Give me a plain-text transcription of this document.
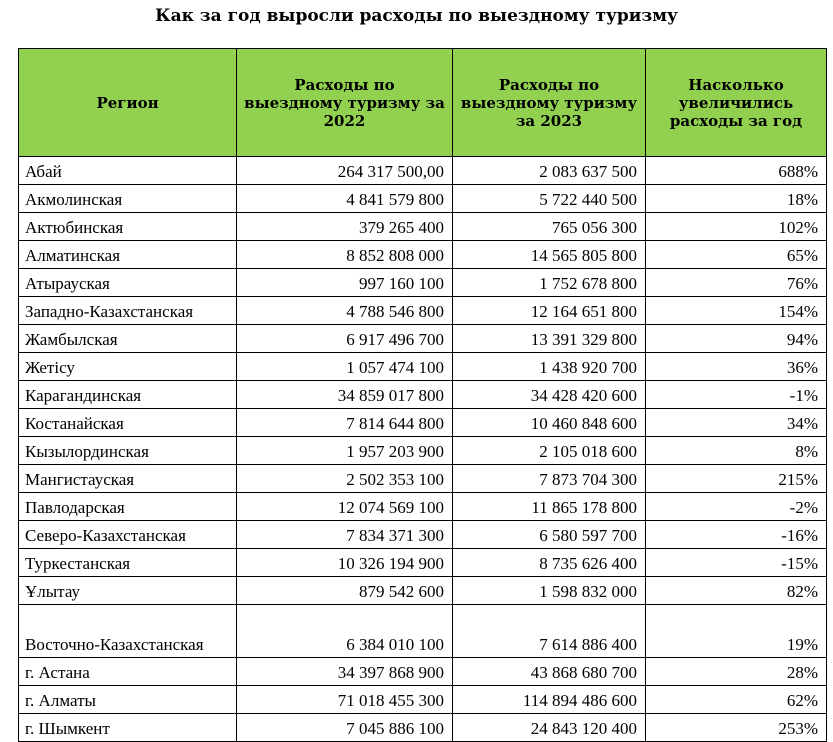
Как за год выросли расходы по выездному туризму
Регион	Расходы по выездному туризму за 2022	Расходы по выездному туризму за 2023	Насколько увеличились расходы за год
Абай	264 317 500,00	2 083 637 500	688%
Акмолинская	4 841 579 800	5 722 440 500	18%
Актюбинская	379 265 400	765 056 300	102%
Алматинская	8 852 808 000	14 565 805 800	65%
Атырауская	997 160 100	1 752 678 800	76%
Западно-Казахстанская	4 788 546 800	12 164 651 800	154%
Жамбылская	6 917 496 700	13 391 329 800	94%
Жетісу	1 057 474 100	1 438 920 700	36%
Карагандинская	34 859 017 800	34 428 420 600	-1%
Костанайская	7 814 644 800	10 460 848 600	34%
Кызылординская	1 957 203 900	2 105 018 600	8%
Мангистауская	2 502 353 100	7 873 704 300	215%
Павлодарская	12 074 569 100	11 865 178 800	-2%
Северо-Казахстанская	7 834 371 300	6 580 597 700	-16%
Туркестанская	10 326 194 900	8 735 626 400	-15%
Ұлытау	879 542 600	1 598 832 000	82%
Восточно-Казахстанская	6 384 010 100	7 614 886 400	19%
г. Астана	34 397 868 900	43 868 680 700	28%
г. Алматы	71 018 455 300	114 894 486 600	62%
г. Шымкент	7 045 886 100	24 843 120 400	253%
